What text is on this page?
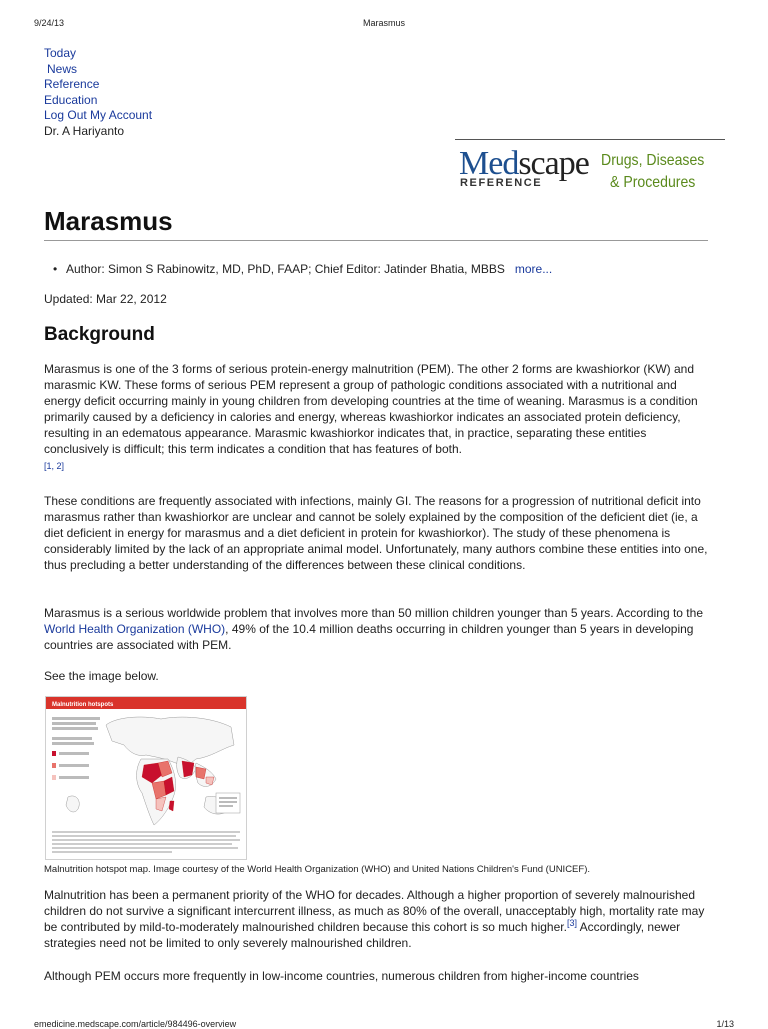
9/24/13	Marasmus
Today
News
Reference
Education
Log Out My Account
Dr. A Hariyanto
Medscape
REFERENCE
Drugs, Diseases
& Procedures
Marasmus
• Author: Simon S Rabinowitz, MD, PhD, FAAP; Chief Editor: Jatinder Bhatia, MBBS more...
Updated: Mar 22, 2012
Background

Marasmus is one of the 3 forms of serious protein-energy malnutrition (PEM). The other 2 forms are kwashiorkor (KW) and marasmic KW. These forms of serious PEM represent a group of pathologic conditions associated with a nutritional and energy deficit occurring mainly in young children from developing countries at the time of weaning. Marasmus is a condition primarily caused by a deficiency in calories and energy, whereas kwashiorkor indicates an associated protein deficiency, resulting in an edematous appearance. Marasmic kwashiorkor indicates that, in practice, separating these entities conclusively is difficult; this term indicates a condition that has features of both.
[1, 2]

These conditions are frequently associated with infections, mainly GI. The reasons for a progression of nutritional deficit into marasmus rather than kwashiorkor are unclear and cannot be solely explained by the composition of the deficient diet (ie, a diet deficient in energy for marasmus and a diet deficient in protein for kwashiorkor). The study of these phenomena is considerably limited by the lack of an appropriate animal model. Unfortunately, many authors combine these entities into one, thus precluding a better understanding of the differences between these clinical conditions.

Marasmus is a serious worldwide problem that involves more than 50 million children younger than 5 years. According to the World Health Organization (WHO), 49% of the 10.4 million deaths occurring in children younger than 5 years in developing countries are associated with PEM.

See the image below.

Malnutrition hotspots
Malnutrition hotspot map. Image courtesy of the World Health Organization (WHO) and United Nations Children's Fund (UNICEF).

Malnutrition has been a permanent priority of the WHO for decades. Although a higher proportion of severely malnourished children do not survive a significant intercurrent illness, as much as 80% of the overall, unacceptably high, mortality rate may be contributed by mild-to-moderately malnourished children because this cohort is so much higher.[3] Accordingly, newer strategies need not be limited to only severely malnourished children.

Although PEM occurs more frequently in low-income countries, numerous children from higher-income countries

emedicine.medscape.com/article/984496-overview	1/13
